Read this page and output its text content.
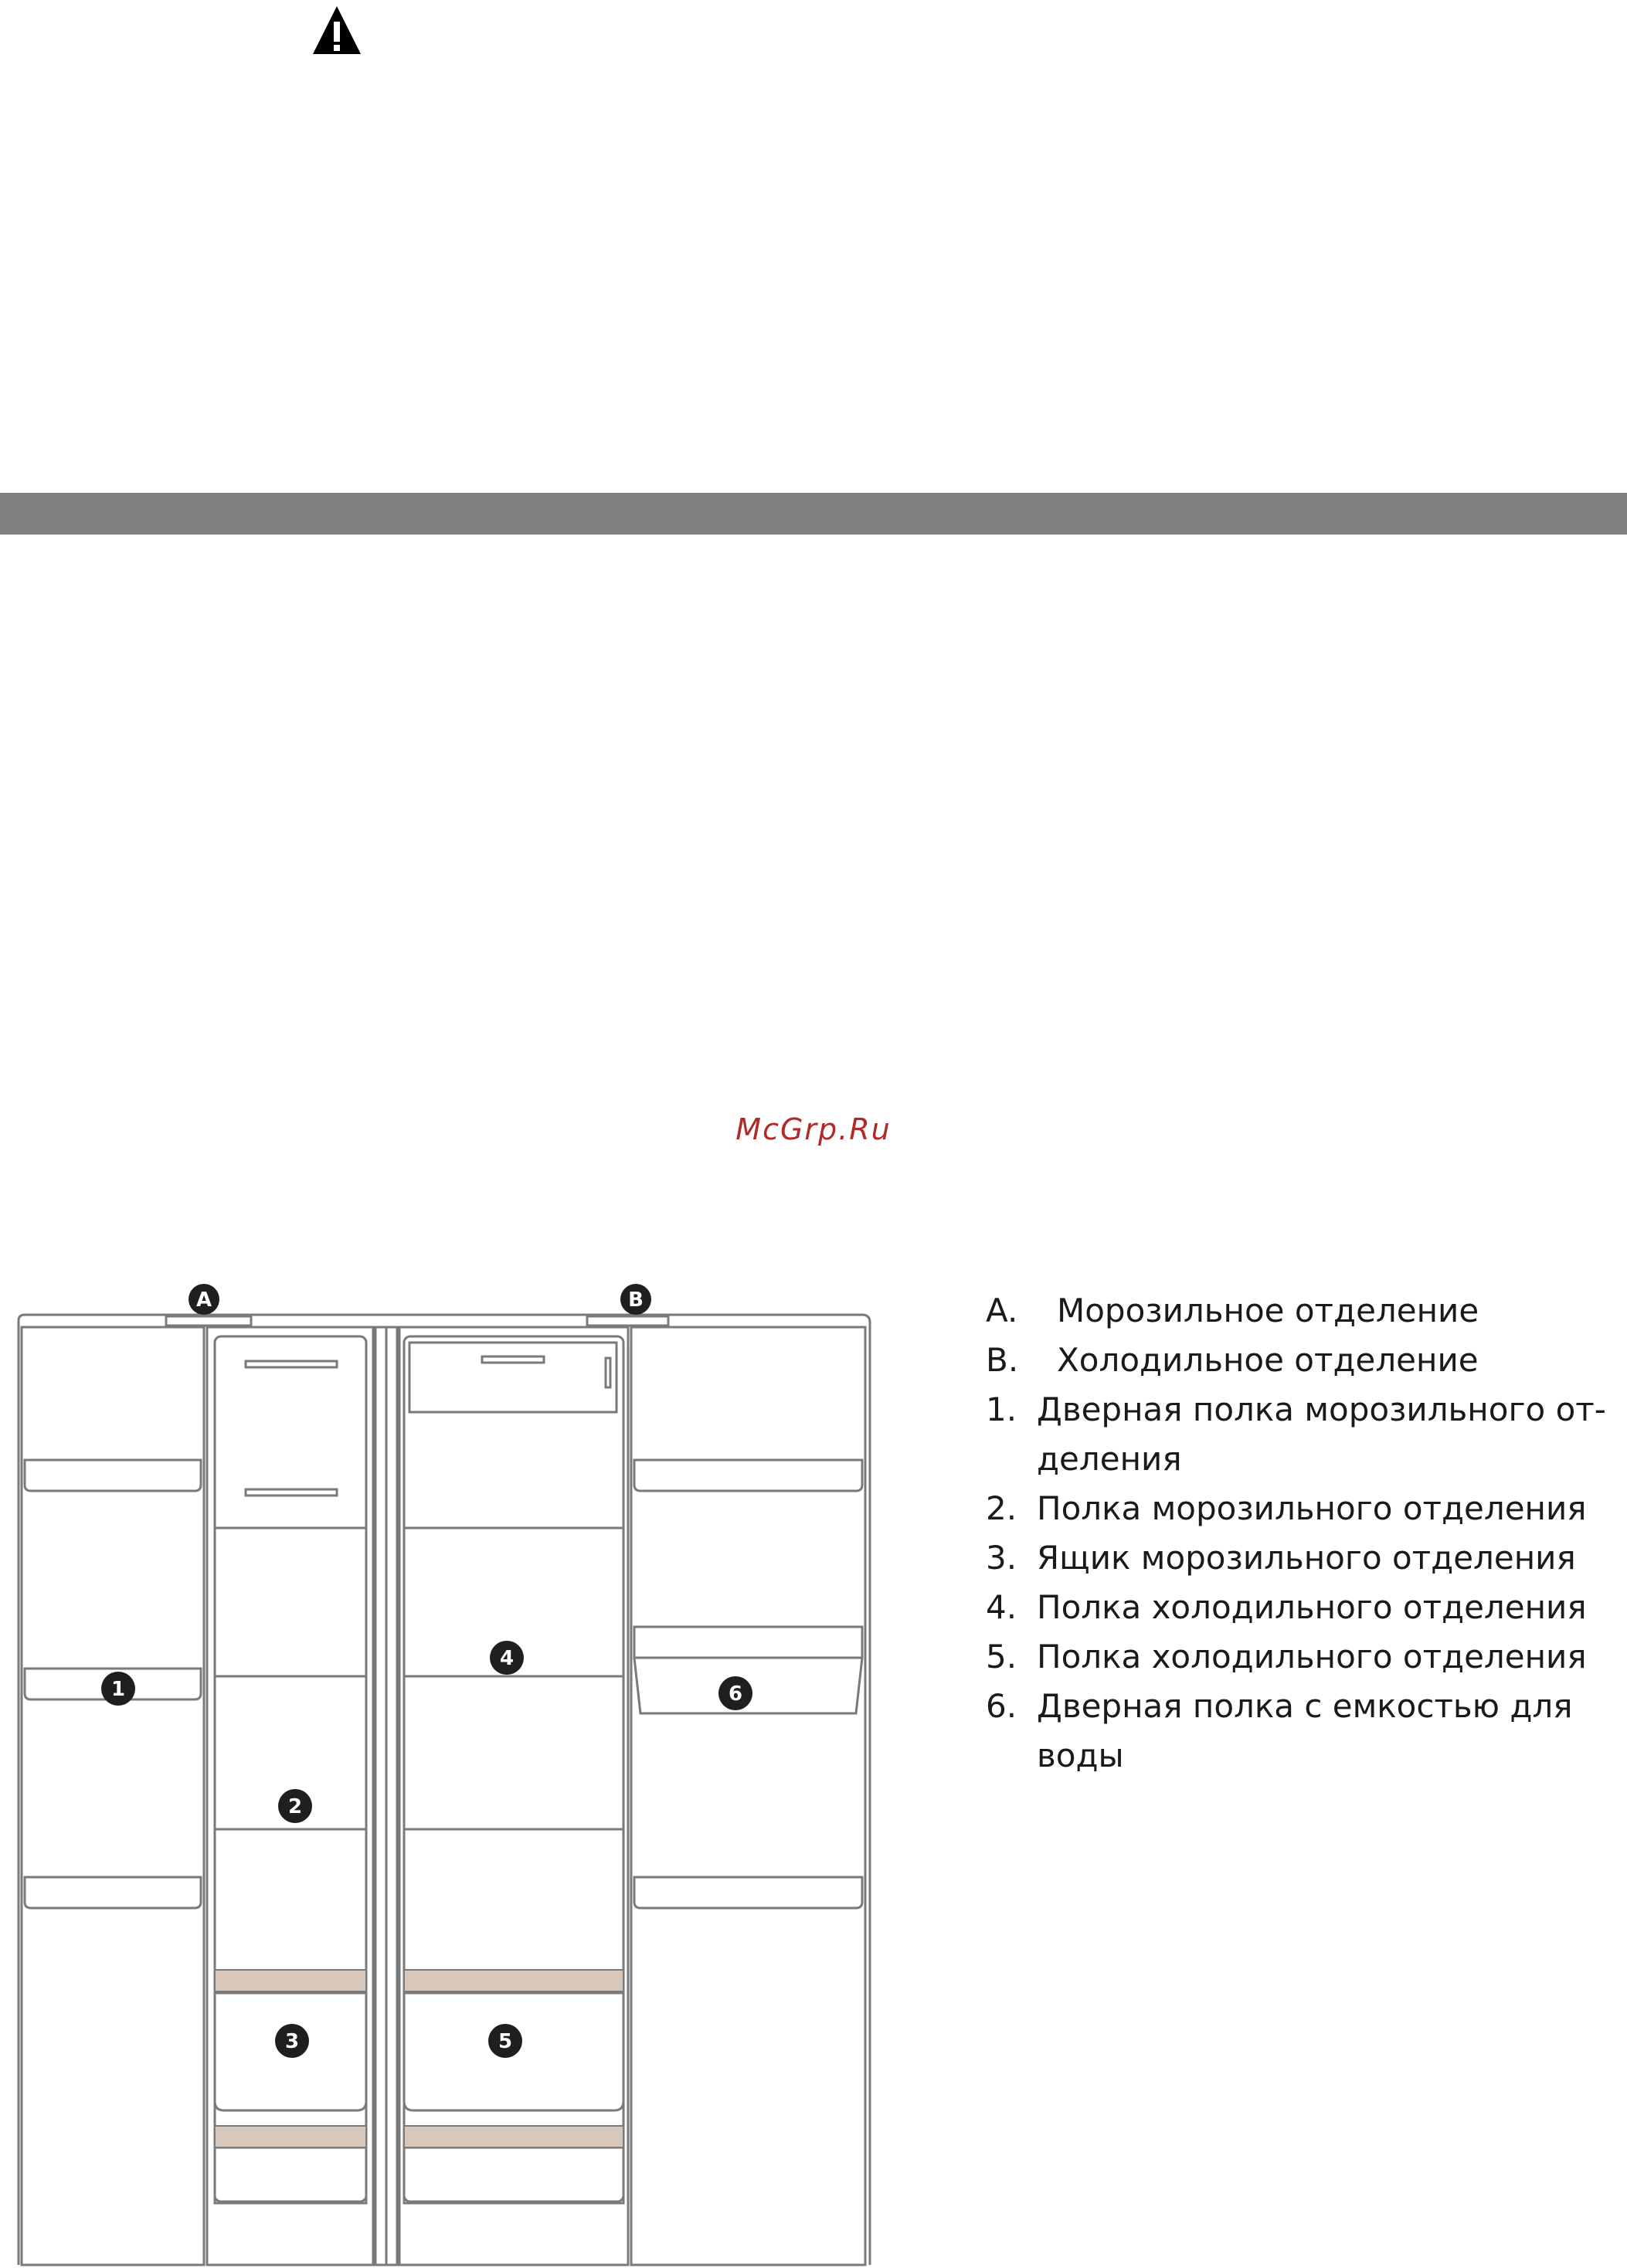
McGrp.Ru
A	B
1
2
3
4
5
6
A.	Морозильное отделение
B.	Холодильное отделение
1. Дверная полка морозильного от-деления
2. Полка морозильного отделения
3. Ящик морозильного отделения
4. Полка холодильного отделения
5. Полка холодильного отделения
6. Дверная полка с емкостью для воды
